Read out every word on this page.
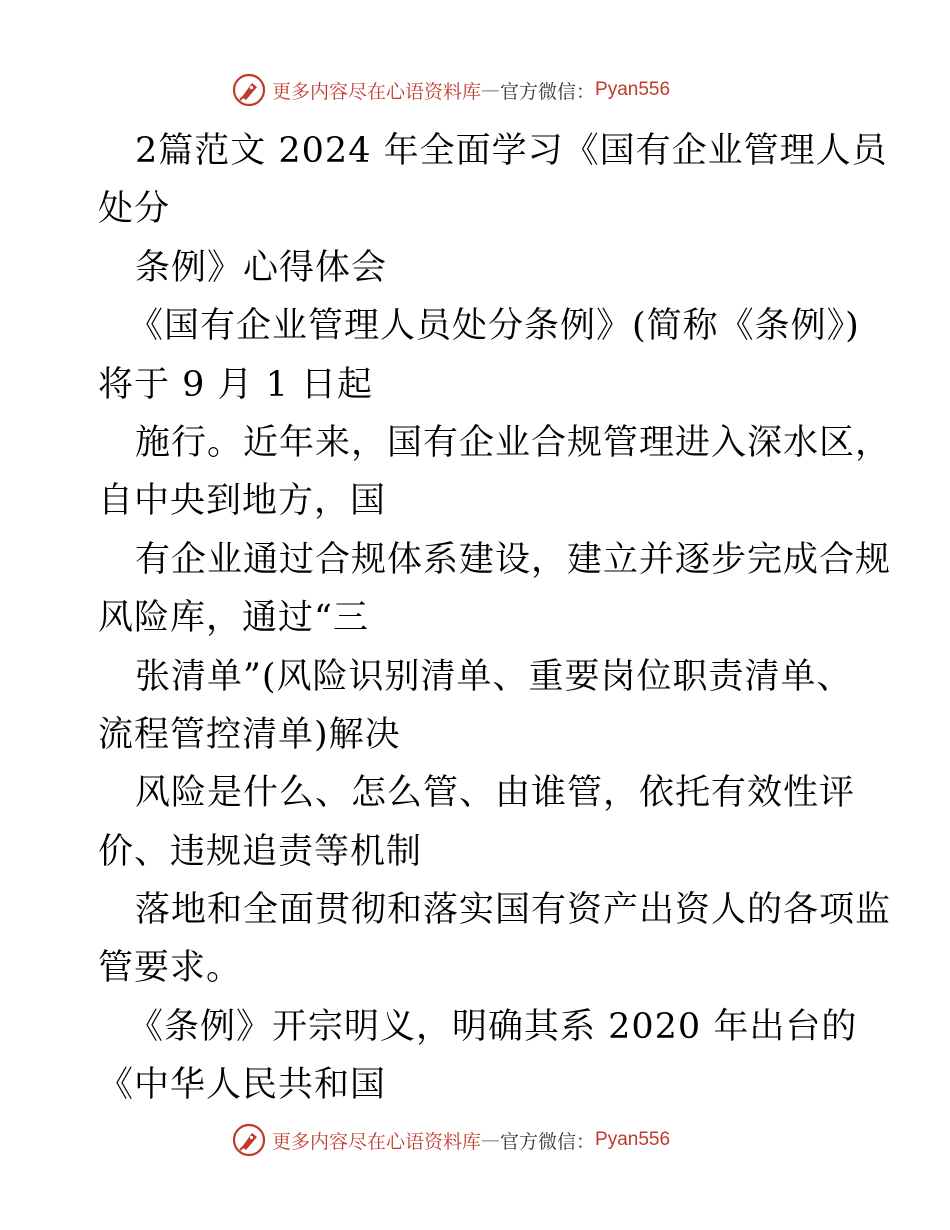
更多内容尽在心语资料库 — 官方微信： Pyan556
2篇范文 2024 年全面学习《国有企业管理人员
处分
条例》心得体会
《国有企业管理人员处分条例》(简称《条例》)
将于 9 月 1 日起
施行。近年来，国有企业合规管理进入深水区，
自中央到地方，国
有企业通过合规体系建设，建立并逐步完成合规
风险库，通过“三
张清单”(风险识别清单、重要岗位职责清单、
流程管控清单)解决
风险是什么、怎么管、由谁管，依托有效性评
价、违规追责等机制
落地和全面贯彻和落实国有资产出资人的各项监
管要求。
《条例》开宗明义，明确其系 2020 年出台的
《中华人民共和国
更多内容尽在心语资料库 — 官方微信： Pyan556
